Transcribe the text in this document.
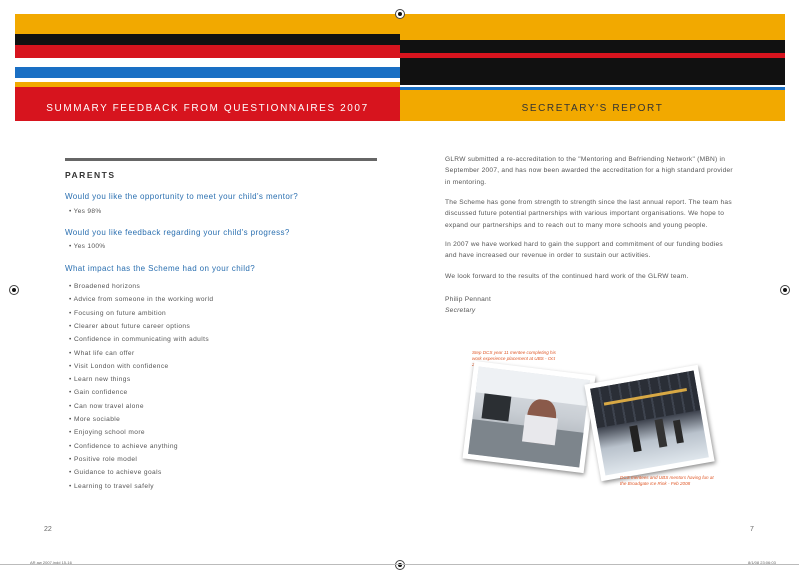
SUMMARY FEEDBACK FROM QUESTIONNAIRES 2007	SECRETARY'S REPORT
PARENTS
Would you like the opportunity to meet your child's mentor?
• Yes 98%
Would you like feedback regarding your child's progress?
• Yes 100%
What impact has the Scheme had on your child?
• Broadened horizons
• Advice from someone in the working world
• Focusing on future ambition
• Clearer about future career options
• Confidence in communicating with adults
• What life can offer
• Visit London with confidence
• Learn new things
• Gain confidence
• Can now travel alone
• More sociable
• Enjoying school more
• Confidence to achieve anything
• Positive role model
• Guidance to achieve goals
• Learning to travel safely
22
GLRW submitted a re-accreditation to the "Mentoring and Befriending Network" (MBN) in September 2007, and has now been awarded the accreditation for a high standard provider in mentoring.
The Scheme has gone from strength to strength since the last annual report. The team has discussed future potential partnerships with various important organisations. We hope to expand our partnerships and to reach out to many more schools and young people.
In 2007 we have worked hard to gain the support and commitment of our funding bodies and have increased our revenue in order to sustain our activities.
We look forward to the results of the continued hard work of the GLRW team.
Philip Pennant
Secretary
Step DCS year 11 mentee completing his work experience placement at UBS - Oct
DCS mentees and UBS mentors having fun at the Broadgate Ice Rink - Feb 2008
7
AR aw 2007.indd 15-16	8/1/08 23:06:03
